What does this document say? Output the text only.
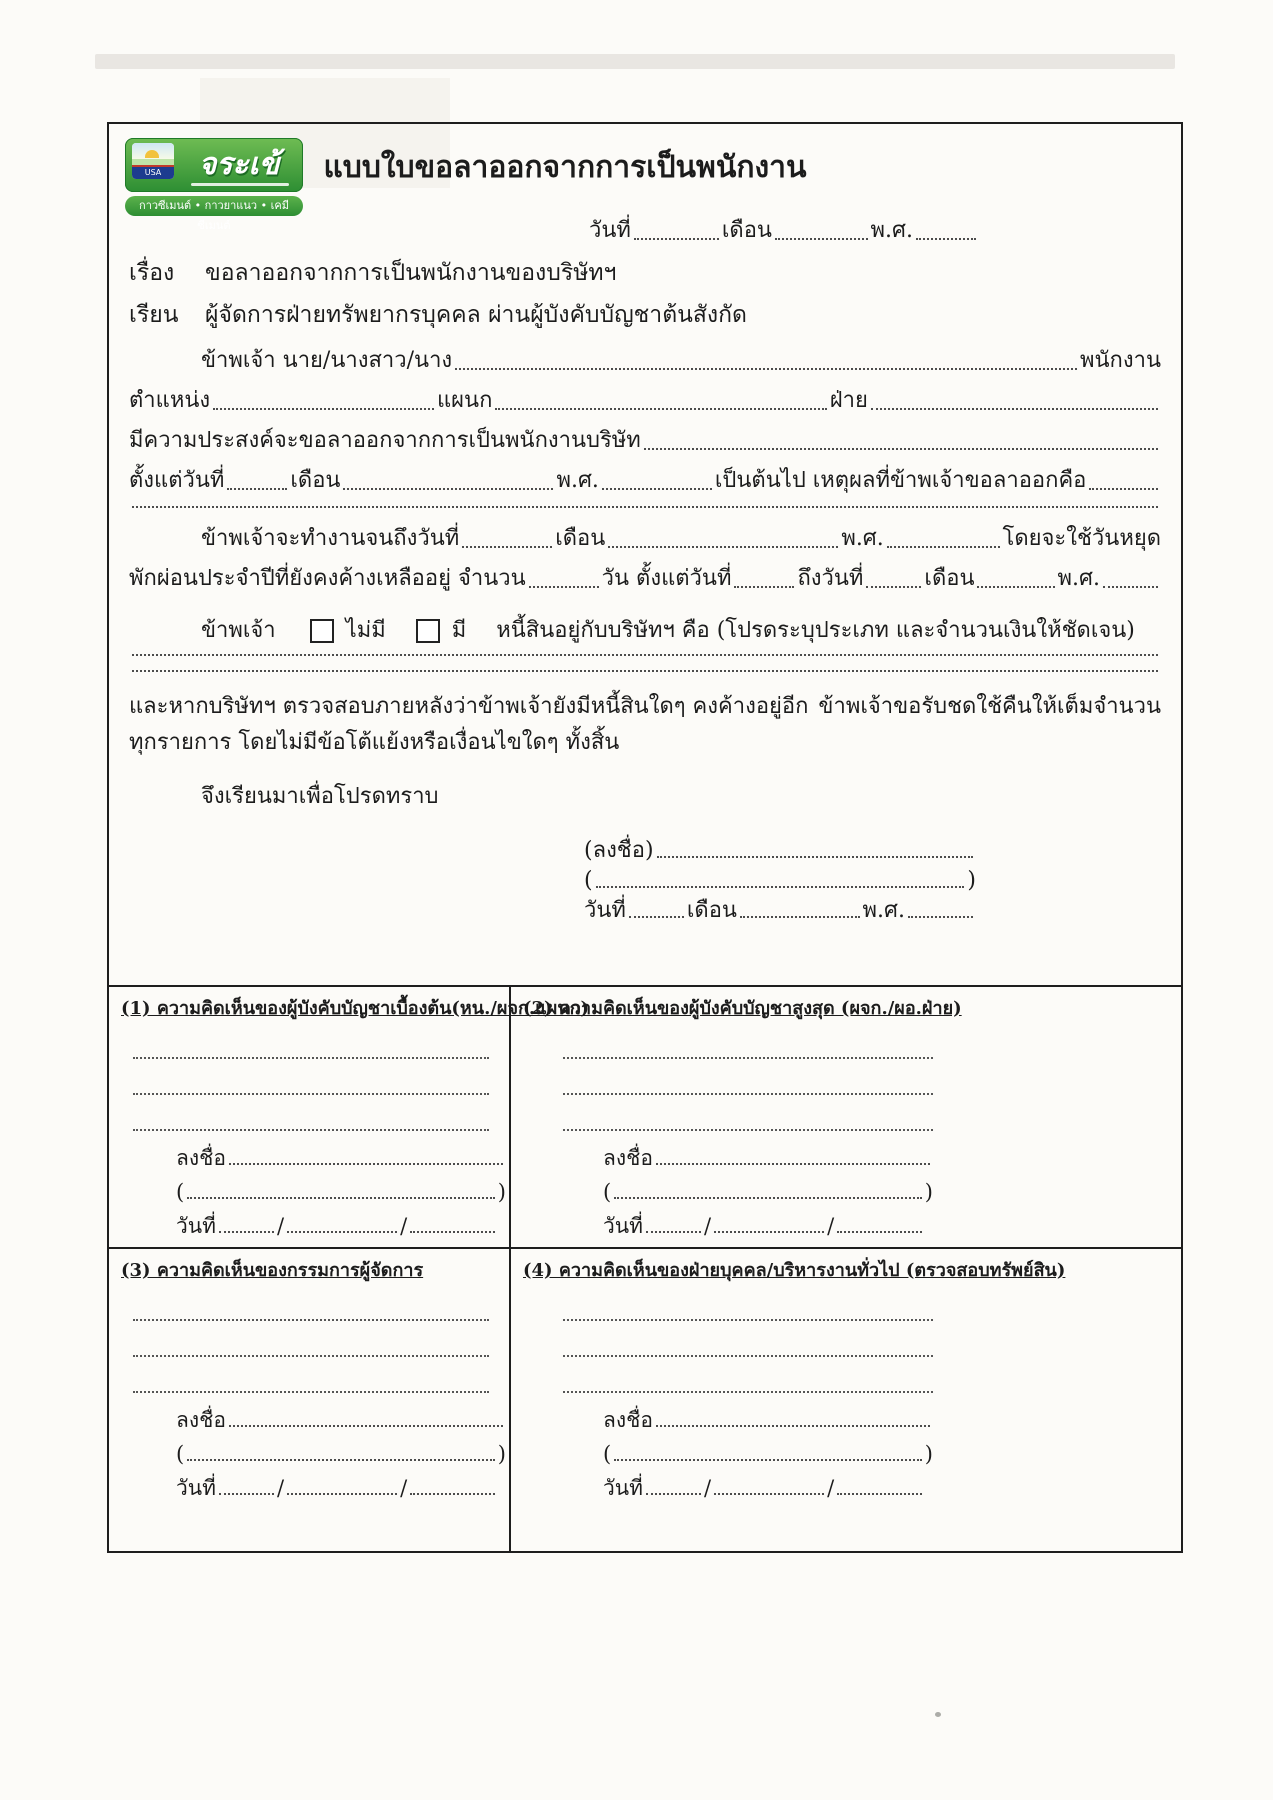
USA	จระเข้
กาวซีเมนต์ • กาวยาแนว • เคมีซีเมนต์
แบบใบขอลาออกจากการเป็นพนักงาน
วันที่	เดือน	พ.ศ.
เรื่อง	ขอลาออกจากการเป็นพนักงานของบริษัทฯ
เรียน	ผู้จัดการฝ่ายทรัพยากรบุคคล ผ่านผู้บังคับบัญชาต้นสังกัด
ข้าพเจ้า นาย/นางสาว/นาง	พนักงาน
ตำแหน่ง	แผนก	ฝ่าย
มีความประสงค์จะขอลาออกจากการเป็นพนักงานบริษัท
ตั้งแต่วันที่	เดือน	พ.ศ.	เป็นต้นไป เหตุผลที่ข้าพเจ้าขอลาออกคือ
ข้าพเจ้าจะทำงานจนถึงวันที่	เดือน	พ.ศ.	โดยจะใช้วันหยุด
พักผ่อนประจำปีที่ยังคงค้างเหลืออยู่ จำนวน	วัน ตั้งแต่วันที่	ถึงวันที่	เดือน	พ.ศ.
ข้าพเจ้า	ไม่มี	มี หนี้สินอยู่กับบริษัทฯ คือ (โปรดระบุประเภท และจำนวนเงินให้ชัดเจน)
และหากบริษัทฯ ตรวจสอบภายหลังว่าข้าพเจ้ายังมีหนี้สินใดๆ คงค้างอยู่อีก ข้าพเจ้าขอรับชดใช้คืนให้เต็มจำนวน
ทุกรายการ โดยไม่มีข้อโต้แย้งหรือเงื่อนไขใดๆ ทั้งสิ้น
จึงเรียนมาเพื่อโปรดทราบ
(ลงชื่อ)
(	)
วันที่	เดือน	พ.ศ.
(1) ความคิดเห็นของผู้บังคับบัญชาเบื้องต้น(หน./ผจก.แผนก)
ลงชื่อ
(	)
วันที่	/	/
(2) ความคิดเห็นของผู้บังคับบัญชาสูงสุด (ผจก./ผอ.ฝ่าย)
ลงชื่อ
(	)
วันที่	/	/
(3) ความคิดเห็นของกรรมการผู้จัดการ
ลงชื่อ
(	)
วันที่	/	/
(4) ความคิดเห็นของฝ่ายบุคคล/บริหารงานทั่วไป (ตรวจสอบทรัพย์สิน)
ลงชื่อ
(	)
วันที่	/	/
